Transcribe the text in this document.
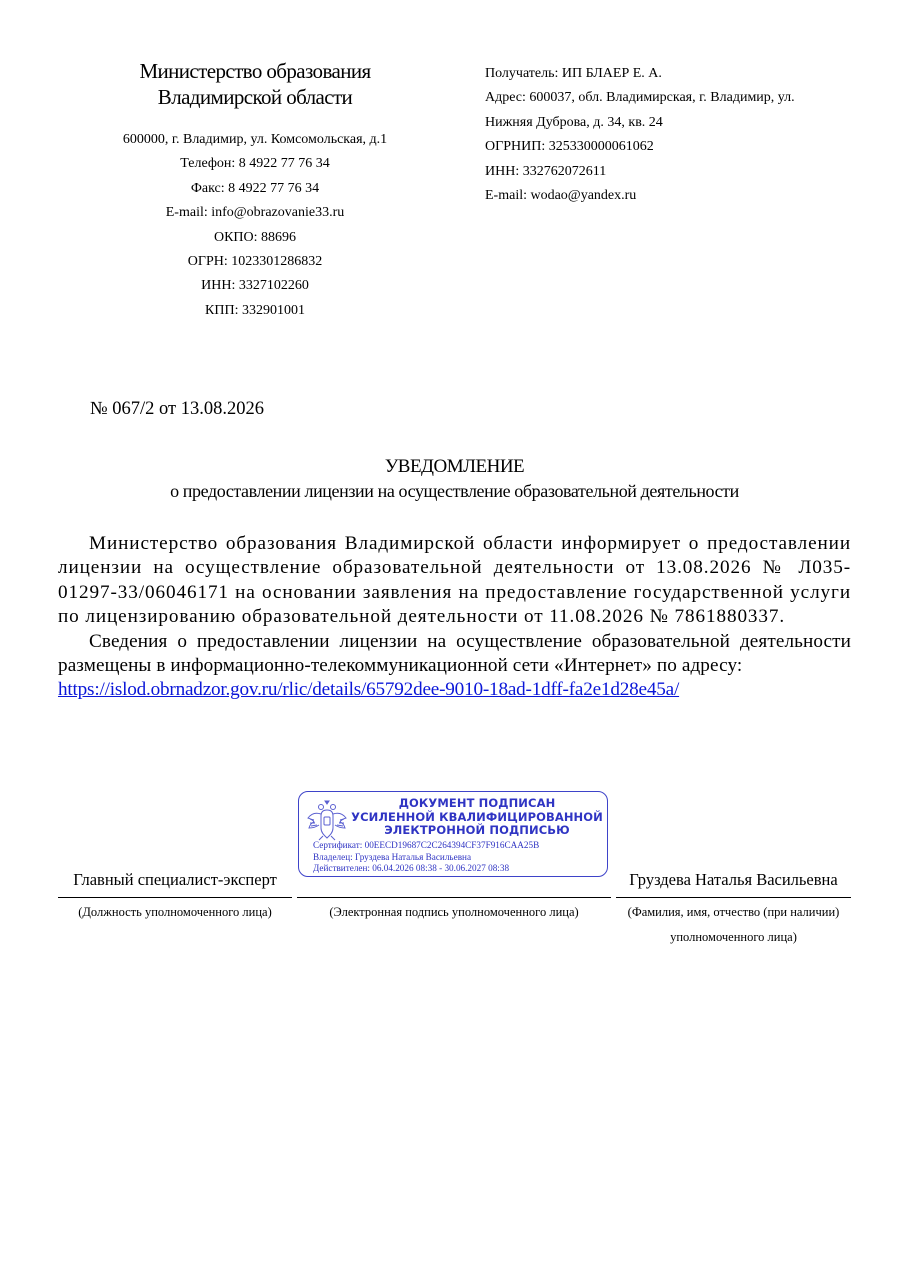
Министерство образования
Владимирской области
600000, г. Владимир, ул. Комсомольская, д.1
Телефон: 8 4922 77 76 34
Факс: 8 4922 77 76 34
E-mail: info@obrazovanie33.ru
ОКПО: 88696
ОГРН: 1023301286832
ИНН: 3327102260
КПП: 332901001
Получатель: ИП БЛАЕР Е. А.
Адрес: 600037, обл. Владимирская, г. Владимир, ул.
Нижняя Дуброва, д. 34, кв. 24
ОГРНИП: 325330000061062
ИНН: 332762072611
E-mail: wodao@yandex.ru
№ 067/2 от 13.08.2026
УВЕДОМЛЕНИЕ
о предоставлении лицензии на осуществление образовательной деятельности

Министерство образования Владимирской области информирует о предоставлении лицензии на осуществление образовательной деятельности от 13.08.2026 № Л035-01297-33/06046171 на основании заявления на предоставление государственной услуги по лицензированию образовательной деятельности от 11.08.2026 № 7861880337.

Сведения о предоставлении лицензии на осуществление образовательной деятельности размещены в информационно-телекоммуникационной сети «Интернет» по адресу:
https://islod.obrnadzor.gov.ru/rlic/details/65792dee-9010-18ad-1dff-fa2e1d28e45a/

Главный специалист-эксперт
(Должность уполномоченного лица)	(Электронная подпись уполномоченного лица)
Груздева Наталья Васильевна
(Фамилия, имя, отчество (при наличии) уполномоченного лица)
ДОКУМЕНТ ПОДПИСАН
УСИЛЕННОЙ КВАЛИФИЦИРОВАННОЙ
ЭЛЕКТРОННОЙ ПОДПИСЬЮ
Сертификат: 00EECD19687C2C264394CF37F916CAA25B
Владелец: Груздева Наталья Васильевна
Действителен: 06.04.2026 08:38 - 30.06.2027 08:38
